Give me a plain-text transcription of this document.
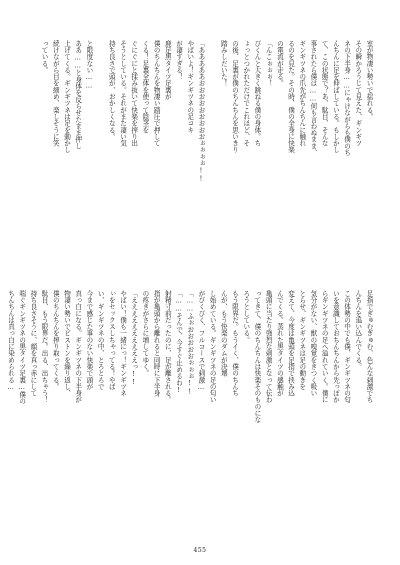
室が物凄い勢いで揺れる。
その瞬かろうじて見えた、ギンギツ
ネの下半身……にゃけながらも僕のち
んちんに足を伸ばしている。もしかし
て、この状態で？あ、駄目、そんな
事されたら僕は……何も言わぬまま、
ギンギツネの爪先がちんちんに触れ
るのを見た。その時、僕の全身に快楽
の電流が走る。
「んこぉぉぉ！
びくんと大きく跳ねる僕の身体。ち
ょっとつかれただけでこれほど、そ
の後、足裏が僕のちんちんを思いきり
踏みしだいた！

「あああああおおおおおおおおおぉぉぉぉ!!
やばいよ！ギンギツネの足コキ
が凄すぎる！
鹿足黒タイツ足裏が
僕のちんちんを物凄い踏圧で押して
くる！足裏全体を使って陰茎を
ぐにぐにと揉み抜いて快楽を搾り出
そうとしている。それがまた凄い気
持ち良さで頭が、おかしくなる。

と限度ない……
ああ……と身体を反らせたまま押し
上げてくる。ギンギツネは足を動かし
続けながら目を細め、楽しそうに笑
っている。
足指でぎゅむぎゅむ、色んな刺激でち
んちんを追い込んでくる。
この体勢の中でも僕、ギンギツネの匂
いを意識しておちんちんから先っぽか
らギンギツネの足へ溢れていく。僕に
気分がない、獣の嗅覚をきつく吸い
とらせ、ギンギツネは足の動きを
変えて、今度は亀頭を足指で挟み込
んでくる。蒸れた黒タイツの感触が
亀頭に当たり強烈な刺激となって伝わ
ってきて、僕のちんちんは快楽そのものにな
ろうとしている。
もう限界だ。もうイく、僕のちんち
んが、もう快楽のダムが決壊
し始めている。ギンギツネの足の匂い
がびくびく、フルコースで刺激…
「……ふぉおおおおおぉぉぉ!!
「……そんで、今すぐ止めるわ!
射精寸前だったのに、足が離される。
指が亀頭から離れると同時に下半身
の疼きがさらに増してゆく。
「ええええええええええっ!!
やばい！僕も一緒にっ！ギンギツネ
ぃをセックスしちゃってる！やば
い、ギンギツネの中、とろとろで
今まで感じた事のない快楽で頭が
真っ白になる。ギンギツネの下半身が
物凄い勢いでピストンを繰り返し、
僕のちんちんを搾り取ってくる。
駄目、もう限界だ。出る、出ちゃう！
持ち良さそうに、顔を真っ赤にして
喘ぐギンギツネの黒タイツ足裏…僕の
ちんちんは真っ白に染められる…
455
